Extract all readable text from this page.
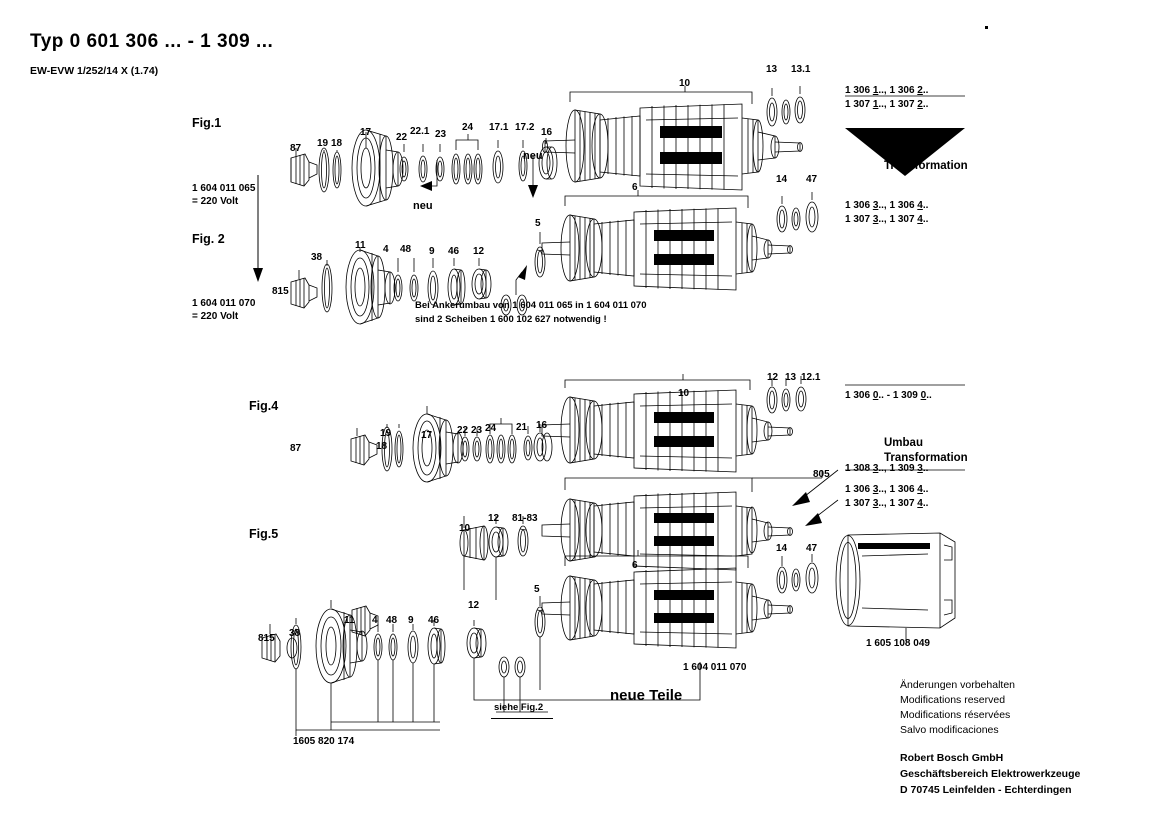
Typ 0 601 306 ... - 1 309 ...
EW-EVW 1/252/14 X (1.74)
Fig.1
Fig. 2
Fig.4
Fig.5
1 604 011 065
= 220 Volt
1 604 011 070
= 220 Volt
87 19 18
17 22
22.1 23
24 17.1 17.2 16
10
13 13.1
neu
neu
815
38
11 4 48 9 46 12
5
6
14 47
Bei Ankerumbau von 1 604 011 065 in 1 604 011 070
sind 2 Scheiben 1 600 102 627 notwendig !
1 306 1.., 1 306 2..
1 307 1.., 1 307 2..
Umbau
Transformation
1 306 3.., 1 306 4..
1 307 3.., 1 307 4..
87
19
18
17 22 23 24 21 16
10
12 13 12.1
1 306 0.. - 1 309 0..
Umbau
Transformation
1 308 3.., 1 309 3..
1 306 3.., 1 306 4..
1 307 3.., 1 307 4..
10
12 81-83
805
815 38
11 4 48 9 46
12
5
6
14 47
1 605 108 049
1 604 011 070
1605 820 174
siehe Fig.2
neue Teile
Änderungen vorbehalten
Modifications reserved
Modifications réservées
Salvo modificaciones
Robert Bosch GmbH
Geschäftsbereich Elektrowerkzeuge
D 70745 Leinfelden - Echterdingen
